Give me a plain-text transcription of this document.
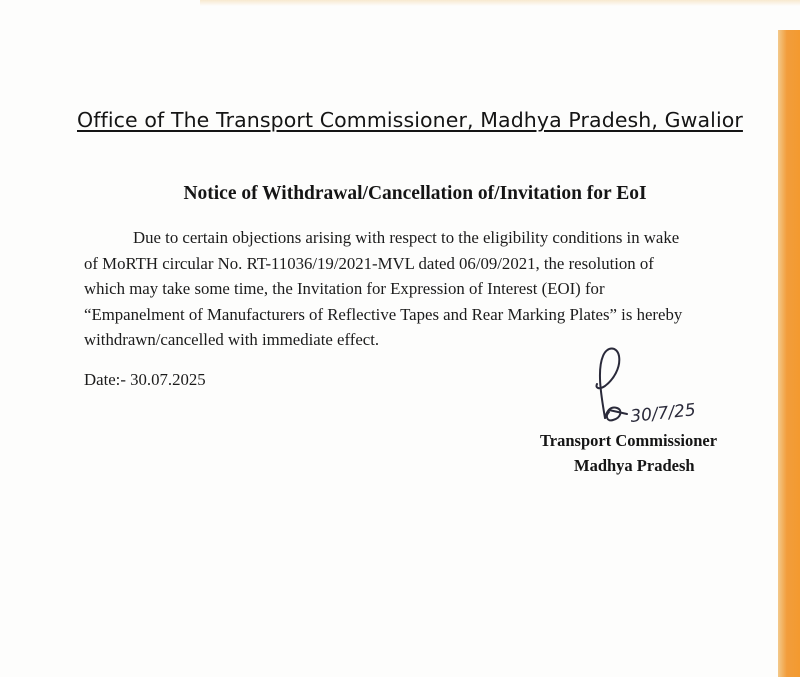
Office of The Transport Commissioner, Madhya Pradesh, Gwalior
Notice of Withdrawal/Cancellation of/Invitation for EoI
Due to certain objections arising with respect to the eligibility conditions in wake
of MoRTH circular No. RT-11036/19/2021-MVL dated 06/09/2021, the resolution of
which may take some time, the Invitation for Expression of Interest (EOI) for
“Empanelment of Manufacturers of Reflective Tapes and Rear Marking Plates” is hereby
withdrawn/cancelled with immediate effect.
Date:- 30.07.2025
30/7/25
Transport Commissioner
Madhya Pradesh
